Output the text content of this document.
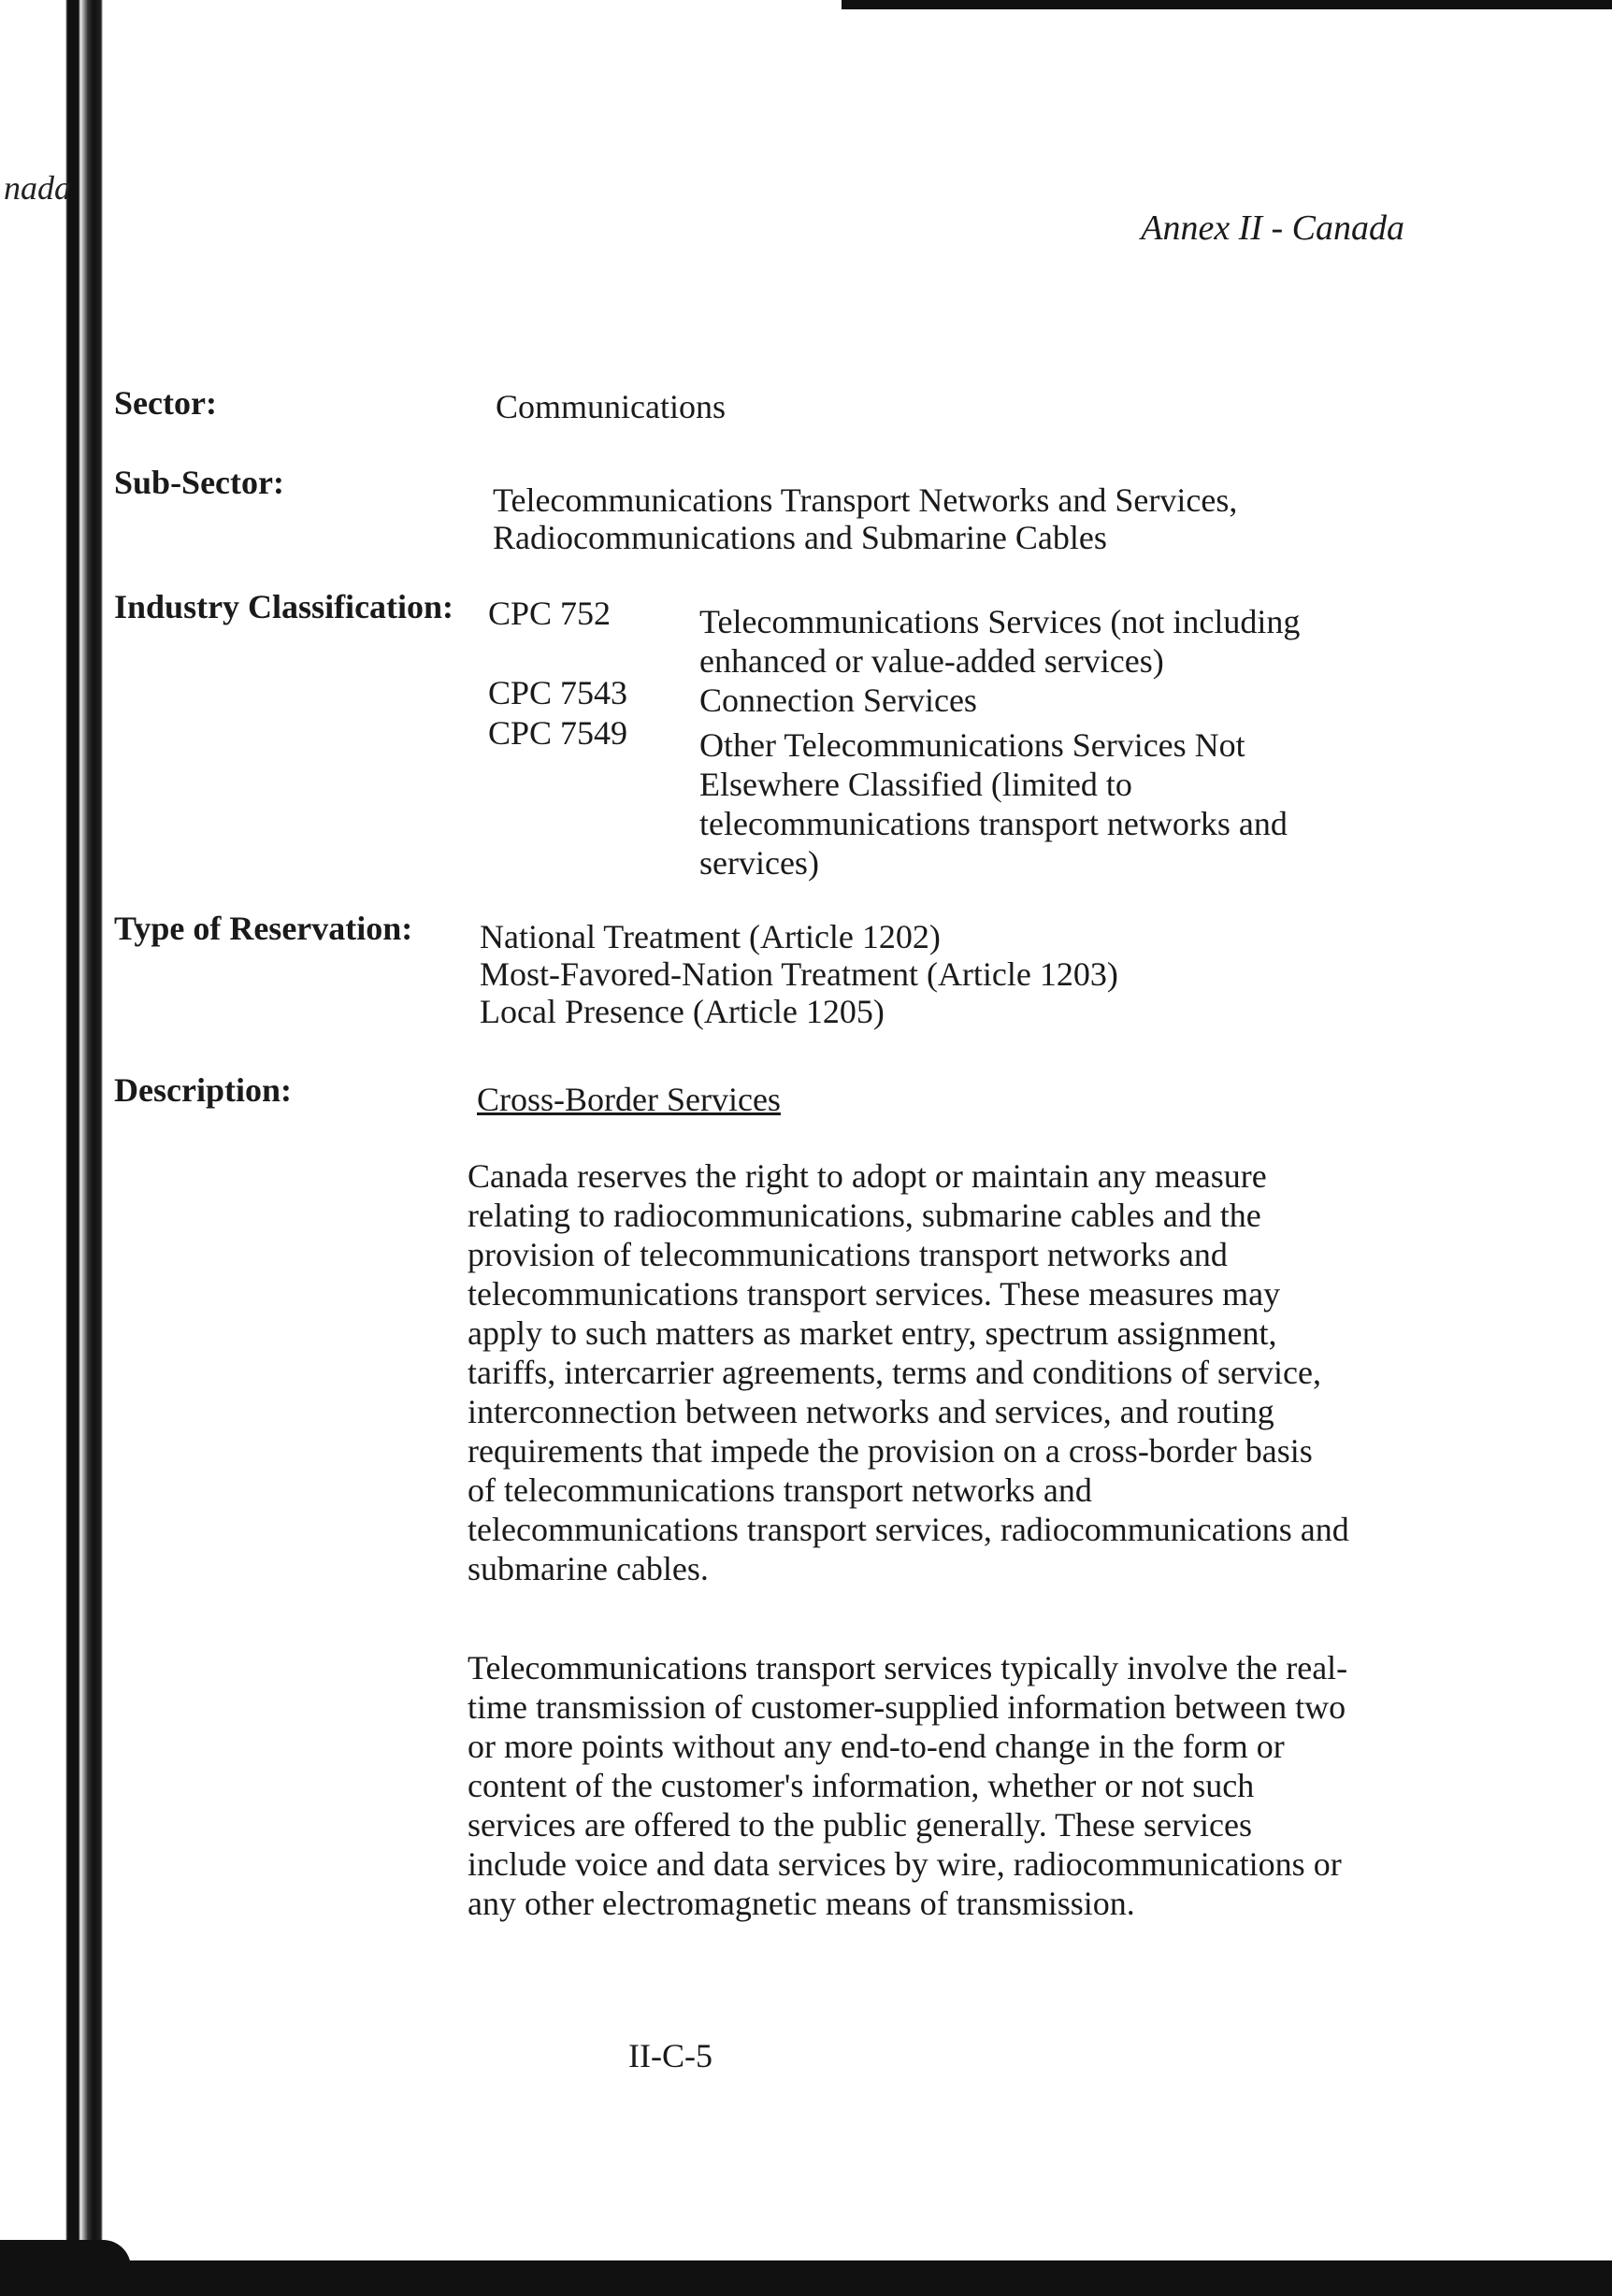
nada
Annex II - Canada
Sector:	Communications
Sub-Sector:	Telecommunications Transport Networks and Services,
Radiocommunications and Submarine Cables
Industry Classification: CPC 752	Telecommunications Services (not including
enhanced or value-added services)
CPC 7543 Connection Services
CPC 7549 Other Telecommunications Services Not
Elsewhere Classified (limited to
telecommunications transport networks and
services)
Type of Reservation: National Treatment (Article 1202)
Most-Favored-Nation Treatment (Article 1203)
Local Presence (Article 1205)
Description:	Cross-Border Services
Canada reserves the right to adopt or maintain any measure
relating to radiocommunications, submarine cables and the
provision of telecommunications transport networks and
telecommunications transport services. These measures may
apply to such matters as market entry, spectrum assignment,
tariffs, intercarrier agreements, terms and conditions of service,
interconnection between networks and services, and routing
requirements that impede the provision on a cross-border basis
of telecommunications transport networks and
telecommunications transport services, radiocommunications and
submarine cables.
Telecommunications transport services typically involve the real-
time transmission of customer-supplied information between two
or more points without any end-to-end change in the form or
content of the customer's information, whether or not such
services are offered to the public generally. These services
include voice and data services by wire, radiocommunications or
any other electromagnetic means of transmission.
II-C-5
